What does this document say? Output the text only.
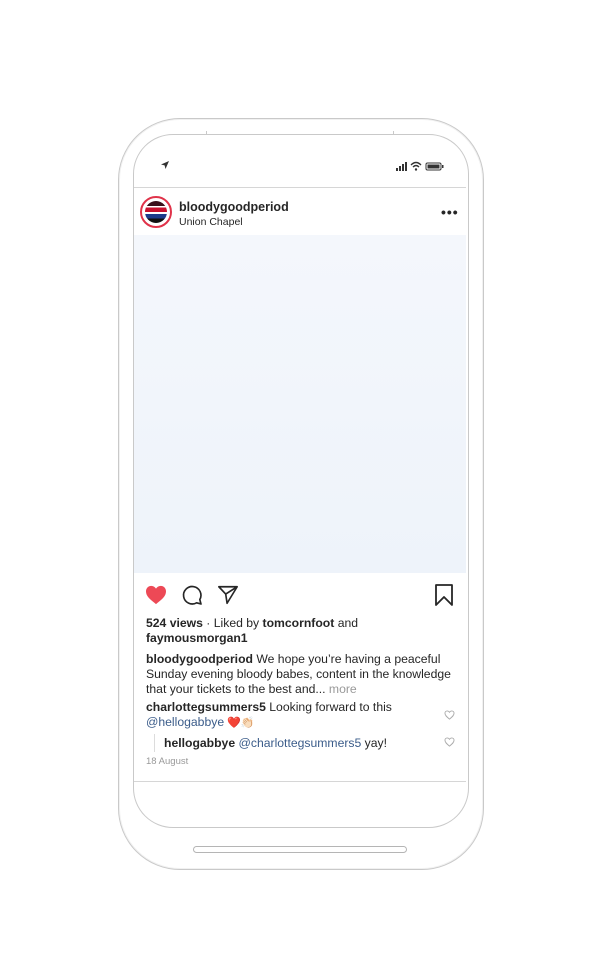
bloodygoodperiod
Union Chapel
•••
524 views · Liked by tomcornfoot and
faymousmorgan1
bloodygoodperiod We hope you’re having a peaceful Sunday evening bloody babes, content in the knowledge that your tickets to the best and... more
charlottegsummers5 Looking forward to this
@hellogabbye ❤️👏🏻
hellogabbye @charlottegsummers5 yay!
18 August
